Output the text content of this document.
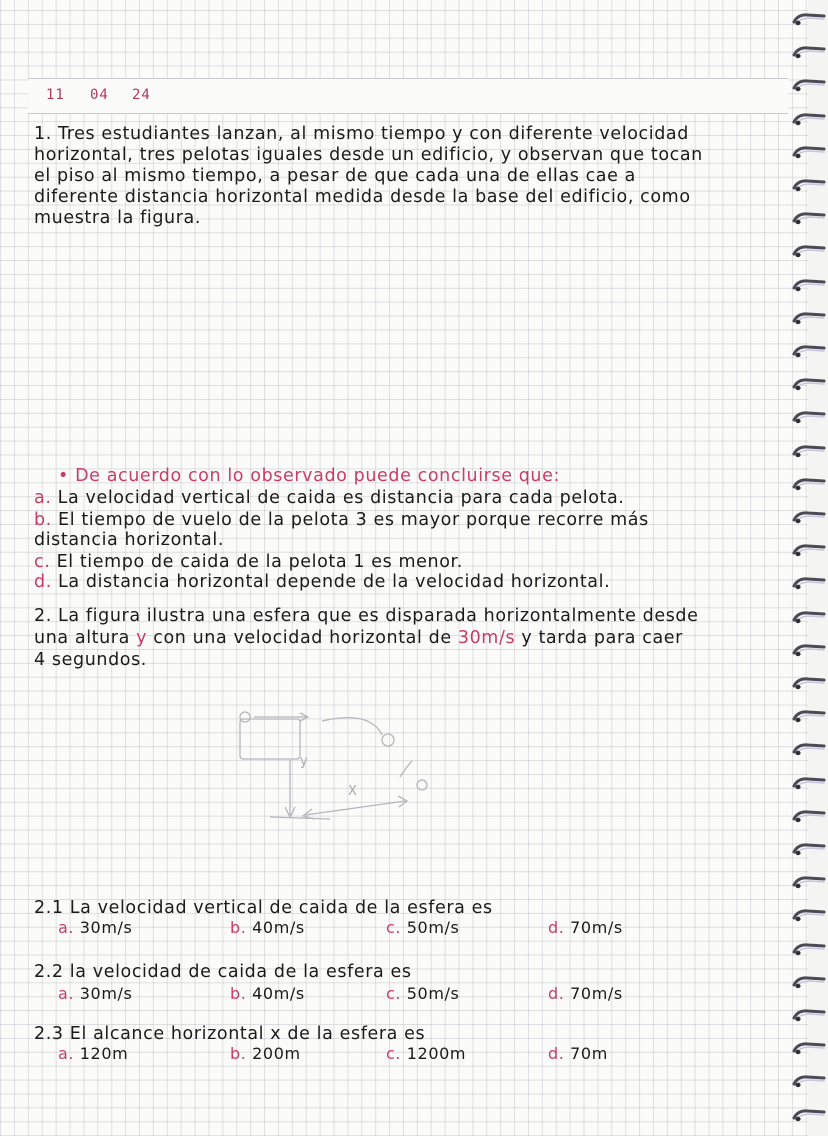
11 04 24
1. Tres estudiantes lanzan, al mismo tiempo y con diferente velocidad
horizontal, tres pelotas iguales desde un edificio, y observan que tocan
el piso al mismo tiempo, a pesar de que cada una de ellas cae a
diferente distancia horizontal medida desde la base del edificio, como
muestra la figura.
• De acuerdo con lo observado puede concluirse que:
a. La velocidad vertical de caida es distancia para cada pelota.
b. El tiempo de vuelo de la pelota 3 es mayor porque recorre más
distancia horizontal.
c. El tiempo de caida de la pelota 1 es menor.
d. La distancia horizontal depende de la velocidad horizontal.
2. La figura ilustra una esfera que es disparada horizontalmente desde
una altura y con una velocidad horizontal de 30m/s y tarda para caer
4 segundos.
y
X
2.1 La velocidad vertical de caida de la esfera es
a. 30m/s	b. 40m/s	c. 50m/s	d. 70m/s
2.2 la velocidad de caida de la esfera es
a. 30m/s	b. 40m/s	c. 50m/s	d. 70m/s
2.3 El alcance horizontal x de la esfera es
a. 120m	b. 200m	c. 1200m	d. 70m
